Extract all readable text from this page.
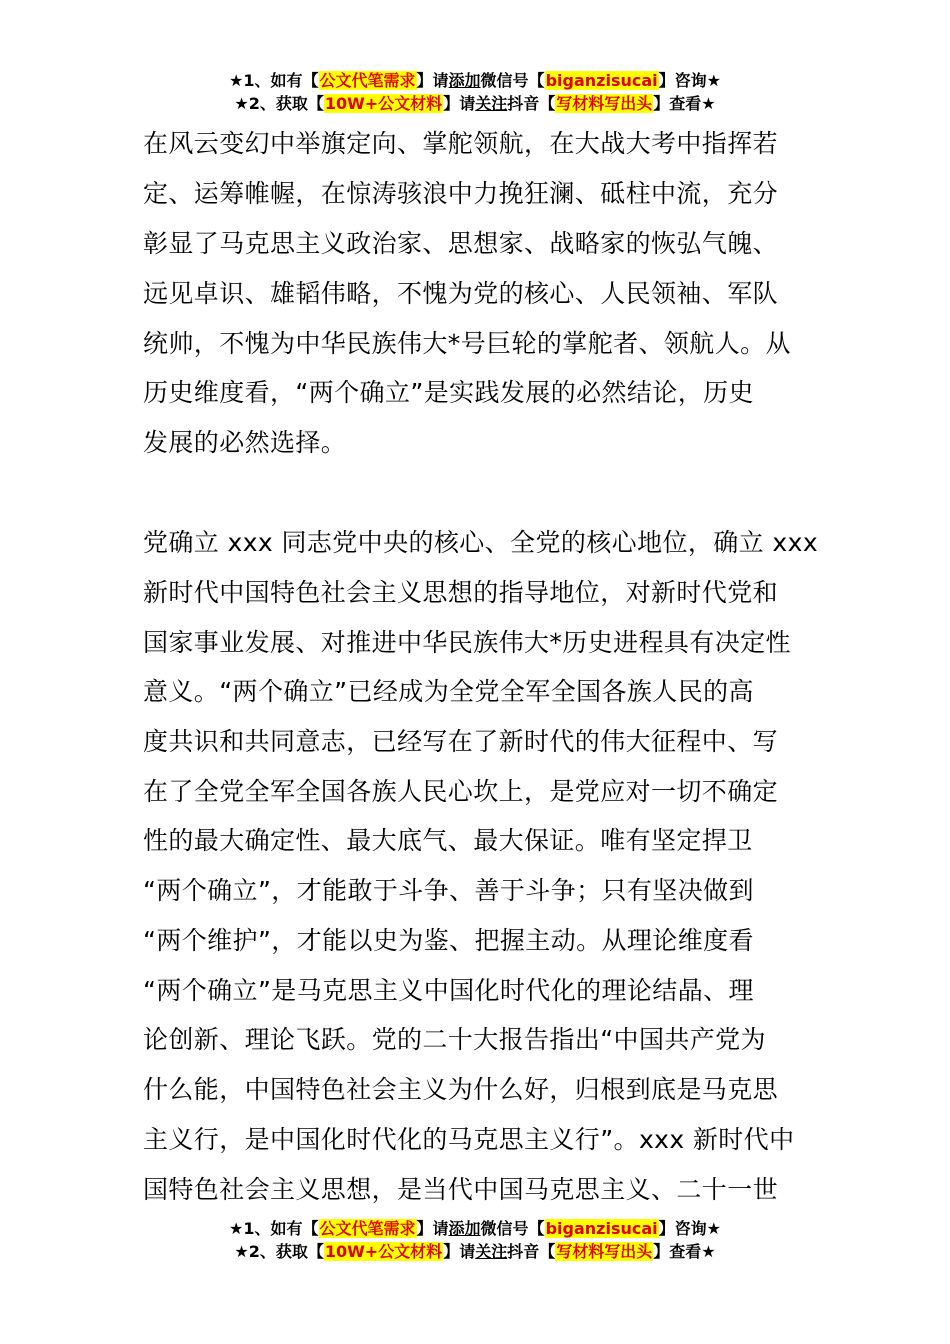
★1、如有【公文代笔需求】请添加微信号【biganzisucai】咨询★
★2、获取【10W+公文材料】请关注抖音【写材料写出头】查看★
在风云变幻中举旗定向、掌舵领航，在大战大考中指挥若
定、运筹帷幄，在惊涛骇浪中力挽狂澜、砥柱中流，充分
彰显了马克思主义政治家、思想家、战略家的恢弘气魄、
远见卓识、雄韬伟略，不愧为党的核心、人民领袖、军队
统帅，不愧为中华民族伟大*号巨轮的掌舵者、领航人。从
历史维度看，“两个确立”是实践发展的必然结论，历史
发展的必然选择。
党确立 xxx 同志党中央的核心、全党的核心地位，确立 xxx
新时代中国特色社会主义思想的指导地位，对新时代党和
国家事业发展、对推进中华民族伟大*历史进程具有决定性
意义。“两个确立”已经成为全党全军全国各族人民的高
度共识和共同意志，已经写在了新时代的伟大征程中、写
在了全党全军全国各族人民心坎上，是党应对一切不确定
性的最大确定性、最大底气、最大保证。唯有坚定捍卫
“两个确立”，才能敢于斗争、善于斗争；只有坚决做到
“两个维护”，才能以史为鉴、把握主动。从理论维度看
“两个确立”是马克思主义中国化时代化的理论结晶、理
论创新、理论飞跃。党的二十大报告指出“中国共产党为
什么能，中国特色社会主义为什么好，归根到底是马克思
主义行，是中国化时代化的马克思主义行”。xxx 新时代中
国特色社会主义思想，是当代中国马克思主义、二十一世
★1、如有【公文代笔需求】请添加微信号【biganzisucai】咨询★
★2、获取【10W+公文材料】请关注抖音【写材料写出头】查看★
